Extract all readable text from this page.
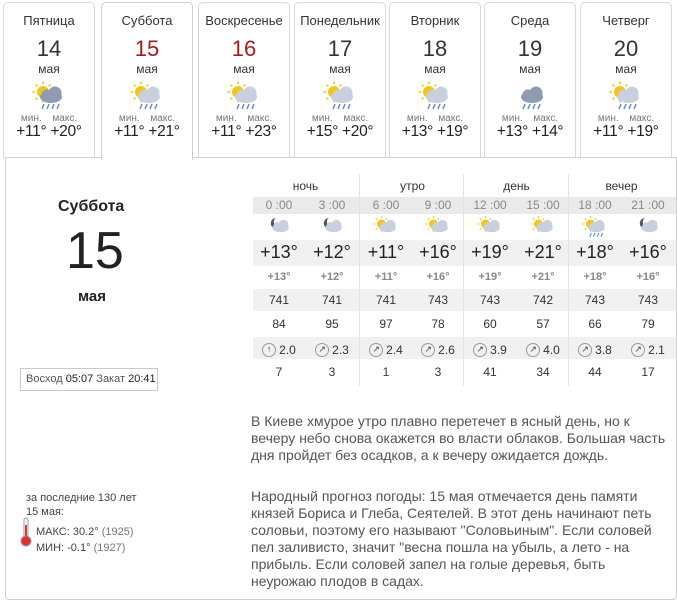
Пятница
14
мая
мин. макс.
+11° +20°
Суббота
15
мая
мин. макс.
+11° +21°
Воскресенье
16
мая
мин. макс.
+11° +23°
Понедельник
17
мая
мин. макс.
+15° +20°
Вторник
18
мая
мин. макс.
+13° +19°
Среда
19
мая
мин. макс.
+13° +14°
Четверг
20
мая
мин. макс.
+11° +19°
Суббота
15
мая
Восход 05:07 Закат 20:41
ночь	утро	день	вечер
0 :00	3 :00	6 :00	9 :00	12 :00	15 :00	18 :00	21 :00
+13° +12° +11° +16° +19° +21° +18° +16°
+13°	+12°	+11°	+16°	+19°	+21°	+18°	+16°
741	741	741	743	743	742	743	743
84	95	97	78	60	57	66	79
7	3	1	3	41	34	44	17
↑ 2.0	↗ 2.3	↗ 2.4	↗ 2.6	↗ 3.9	↗ 4.0	↗ 3.8	↗ 2.1
В Киеве хмурое утро плавно перетечет в ясный день, но к вечеру небо снова окажется во власти облаков. Большая часть дня пройдет без осадков, а к вечеру ожидается дождь.
Народный прогноз погоды: 15 мая отмечается день памяти князей Бориса и Глеба, Сеятелей. В этот день начинают петь соловьи, поэтому его называют "Соловьиным". Если соловей пел заливисто, значит "весна пошла на убыль, а лето - на прибыль. Если соловей запел на голые деревья, быть неурожаю плодов в садах.
за последние 130 лет
15 мая:
МАКС: 30.2° (1925)
МИН: -0.1° (1927)
